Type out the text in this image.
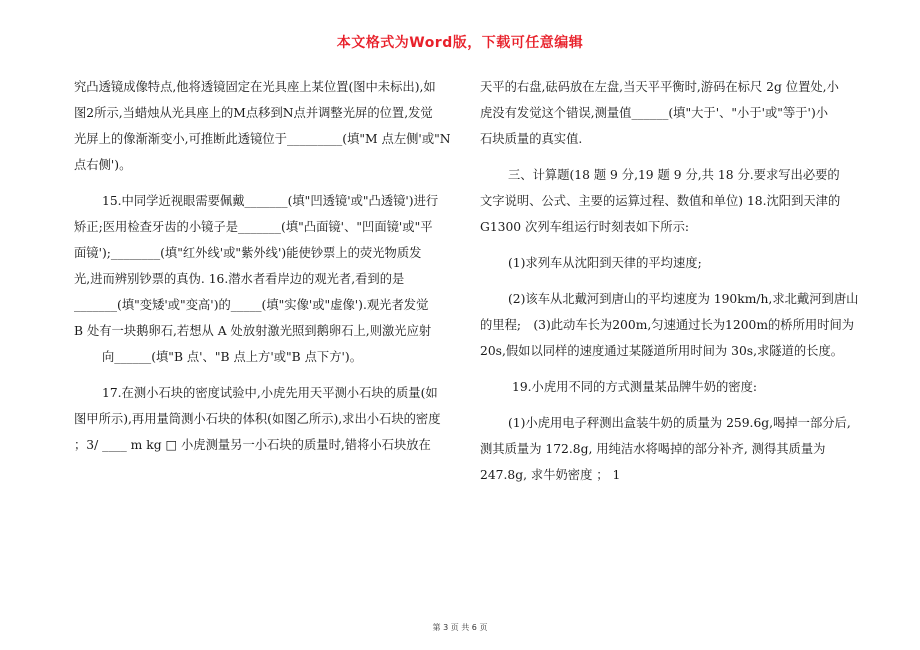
本文格式为Word版，下载可任意编辑
究凸透镜成像特点,他将透镜固定在光具座上某位置(图中未标出),如
图2所示,当蜡烛从光具座上的M点移到N点并调整光屏的位置,发觉
光屏上的像渐渐变小,可推断此透镜位于_________(填"M 点左侧'或"N
点右侧')。
15.中同学近视眼需要佩戴_______(填"凹透镜'或"凸透镜')进行
矫正;医用检查牙齿的小镜子是_______(填"凸面镜'、"凹面镜'或"平
面镜');________(填"红外线'或"紫外线')能使钞票上的荧光物质发
光,进而辨别钞票的真伪. 16.潜水者看岸边的观光者,看到的是
_______(填"变矮'或"变高')的_____(填"实像'或"虚像').观光者发觉
B 处有一块鹅卵石,若想从 A 处放射激光照到鹅卵石上,则激光应射
向______(填"B 点'、"B 点上方'或"B 点下方')。
17.在测小石块的密度试验中,小虎先用天平测小石块的质量(如
图甲所示),再用量筒测小石块的体积(如图乙所示),求出小石块的密度
；3/ ____ m kg □ 小虎测量另一小石块的质量时,错将小石块放在
天平的右盘,砝码放在左盘,当天平平衡时,游码在标尺 2g 位置处,小
虎没有发觉这个错误,测量值______(填"大于'、"小于'或"等于')小
石块质量的真实值.
三、计算题(18 题 9 分,19 题 9 分,共 18 分.要求写出必要的
文字说明、公式、主要的运算过程、数值和单位) 18.沈阳到天津的
G1300 次列车组运行时刻表如下所示:
(1)求列车从沈阳到天律的平均速度;
(2)该车从北戴河到唐山的平均速度为 190km/h,求北戴河到唐山
的里程;　(3)此动车长为200m,匀速通过长为1200m的桥所用时间为
20s,假如以同样的速度通过某隧道所用时间为 30s,求隧道的长度。
19.小虎用不同的方式测量某品牌牛奶的密度:
(1)小虎用电子秤测出盒装牛奶的质量为 259.6g,喝掉一部分后,
测其质量为 172.8g, 用纯洁水将喝掉的部分补齐, 测得其质量为
247.8g, 求牛奶密度 ； 1
第 3 页 共 6 页
